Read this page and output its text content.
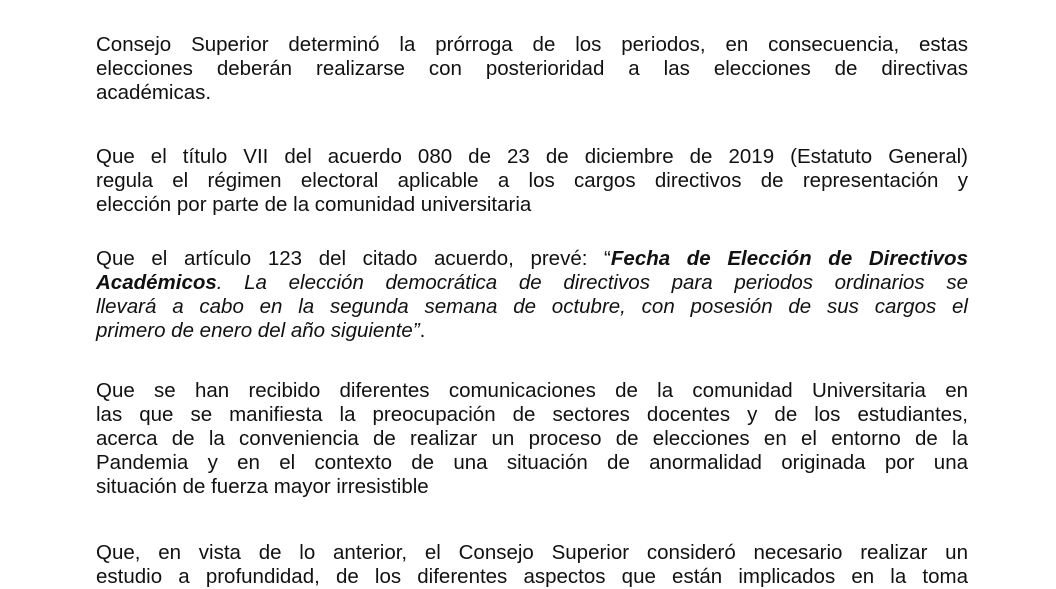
Consejo Superior determinó la prórroga de los periodos, en consecuencia, estas
elecciones deberán realizarse con posterioridad a las elecciones de directivas
académicas.
Que el título VII del acuerdo 080 de 23 de diciembre de 2019 (Estatuto General)
regula el régimen electoral aplicable a los cargos directivos de representación y
elección por parte de la comunidad universitaria
Que el artículo 123 del citado acuerdo, prevé: “Fecha de Elección de Directivos
Académicos. La elección democrática de directivos para periodos ordinarios se
llevará a cabo en la segunda semana de octubre, con posesión de sus cargos el
primero de enero del año siguiente”.
Que se han recibido diferentes comunicaciones de la comunidad Universitaria en
las que se manifiesta la preocupación de sectores docentes y de los estudiantes,
acerca de la conveniencia de realizar un proceso de elecciones en el entorno de la
Pandemia y en el contexto de una situación de anormalidad originada por una
situación de fuerza mayor irresistible
Que, en vista de lo anterior, el Consejo Superior consideró necesario realizar un
estudio a profundidad, de los diferentes aspectos que están implicados en la toma
